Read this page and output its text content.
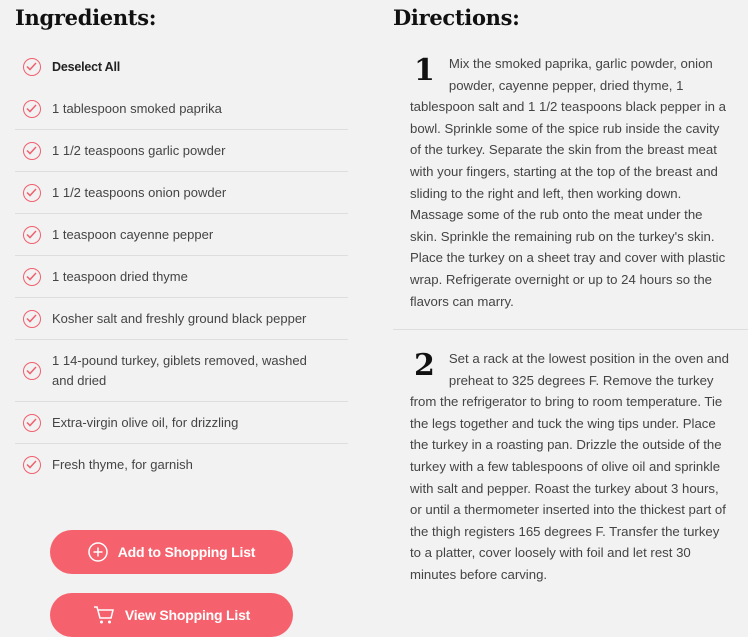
Ingredients:
Deselect All
1 tablespoon smoked paprika
1 1/2 teaspoons garlic powder
1 1/2 teaspoons onion powder
1 teaspoon cayenne pepper
1 teaspoon dried thyme
Kosher salt and freshly ground black pepper
1 14-pound turkey, giblets removed, washed and dried
Extra-virgin olive oil, for drizzling
Fresh thyme, for garnish
Add to Shopping List
View Shopping List
Directions:
1	Mix the smoked paprika, garlic powder, onion powder, cayenne pepper, dried thyme, 1 tablespoon salt and 1 1/2 teaspoons black pepper in a bowl. Sprinkle some of the spice rub inside the cavity of the turkey. Separate the skin from the breast meat with your fingers, starting at the top of the breast and sliding to the right and left, then working down. Massage some of the rub onto the meat under the skin. Sprinkle the remaining rub on the turkey's skin. Place the turkey on a sheet tray and cover with plastic wrap. Refrigerate overnight or up to 24 hours so the flavors can marry.

2	Set a rack at the lowest position in the oven and preheat to 325 degrees F. Remove the turkey from the refrigerator to bring to room temperature. Tie the legs together and tuck the wing tips under. Place the turkey in a roasting pan. Drizzle the outside of the turkey with a few tablespoons of olive oil and sprinkle with salt and pepper. Roast the turkey about 3 hours, or until a thermometer inserted into the thickest part of the thigh registers 165 degrees F. Transfer the turkey to a platter, cover loosely with foil and let rest 30 minutes before carving.
